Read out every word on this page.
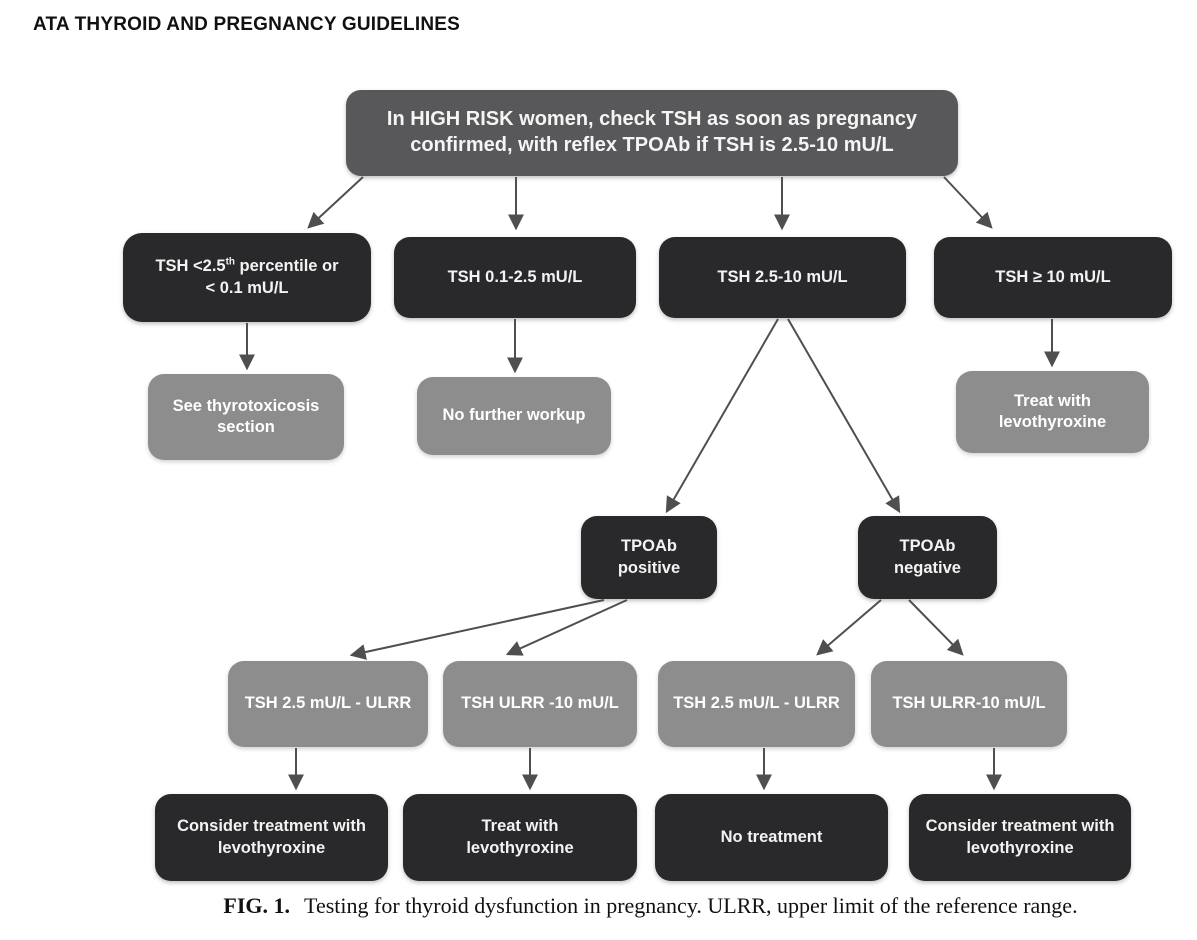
ATA THYROID AND PREGNANCY GUIDELINES
In HIGH RISK women, check TSH as soon as pregnancy
confirmed, with reflex TPOAb if TSH is 2.5-10 mU/L
TSH <2.5th percentile or
< 0.1 mU/L
TSH 0.1-2.5 mU/L	TSH 2.5-10 mU/L	TSH ≥ 10 mU/L
See thyrotoxicosis
section
No further workup
Treat with
levothyroxine
TPOAb
positive
TPOAb
negative
TSH 2.5 mU/L - ULRR	TSH ULRR -10 mU/L	TSH 2.5 mU/L - ULRR	TSH ULRR-10 mU/L
Consider treatment with
levothyroxine
Treat with
levothyroxine
No treatment
Consider treatment with
levothyroxine

FIG. 1. Testing for thyroid dysfunction in pregnancy. ULRR, upper limit of the reference range.
